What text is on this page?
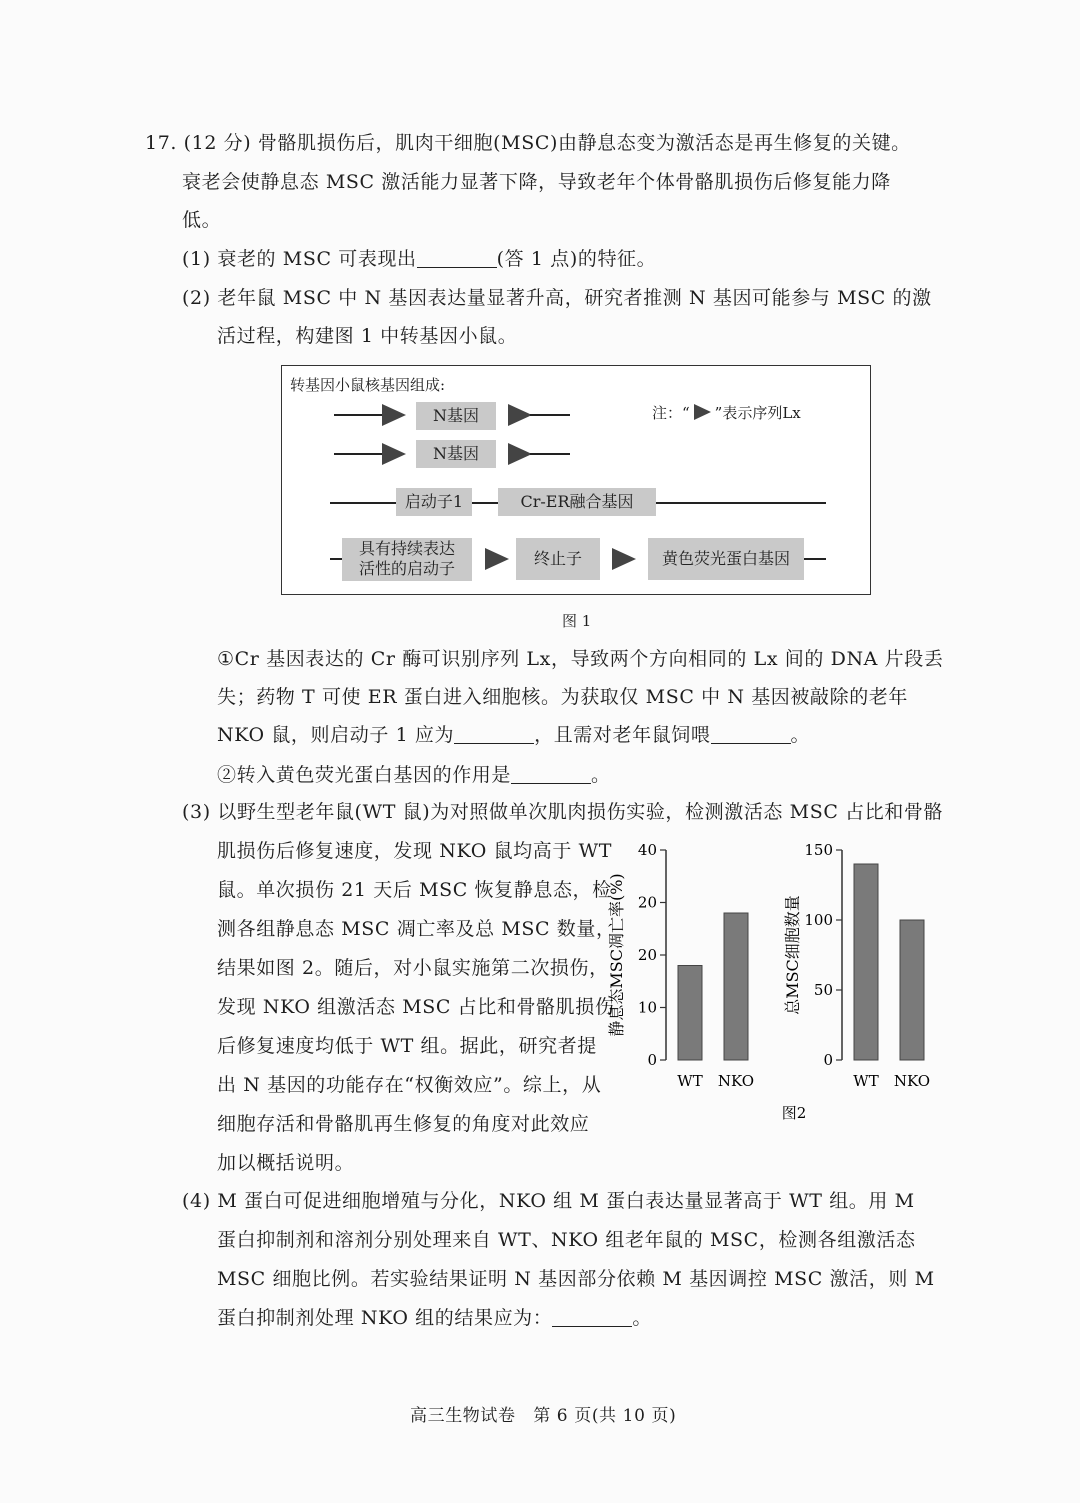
17. (12 分) 骨骼肌损伤后，肌肉干细胞(MSC)由静息态变为激活态是再生修复的关键。
衰老会使静息态 MSC 激活能力显著下降，导致老年个体骨骼肌损伤后修复能力降
低。
(1) 衰老的 MSC 可表现出	(答 1 点)的特征。
(2) 老年鼠 MSC 中 N 基因表达量显著升高，研究者推测 N 基因可能参与 MSC 的激
活过程，构建图 1 中转基因小鼠。
转基因小鼠核基因组成:
N基因	注：“ ”表示序列Lx
N基因
启动子1	Cr-ER融合基因
具有持续表达
活性的启动子
终止子	黄色荧光蛋白基因
图 1
①Cr 基因表达的 Cr 酶可识别序列 Lx，导致两个方向相同的 Lx 间的 DNA 片段丢
失；药物 T 可使 ER 蛋白进入细胞核。为获取仅 MSC 中 N 基因被敲除的老年
NKO 鼠，则启动子 1 应为	，且需对老年鼠饲喂	。
②转入黄色荧光蛋白基因的作用是	。
(3) 以野生型老年鼠(WT 鼠)为对照做单次肌肉损伤实验，检测激活态 MSC 占比和骨骼
肌损伤后修复速度，发现 NKO 鼠均高于 WT
鼠。单次损伤 21 天后 MSC 恢复静息态，检
测各组静息态 MSC 凋亡率及总 MSC 数量，
结果如图 2。随后，对小鼠实施第二次损伤，
发现 NKO 组激活态 MSC 占比和骨骼肌损伤
后修复速度均低于 WT 组。据此，研究者提
出 N 基因的功能存在“权衡效应”。综上，从
细胞存活和骨骼肌再生修复的角度对此效应
加以概括说明。
0
10
20
20
40
静息态MSC凋亡率(%)
WT NKO
0
50
100
150
总MSC细胞数量
WT NKO
图2
(4) M 蛋白可促进细胞增殖与分化，NKO 组 M 蛋白表达量显著高于 WT 组。用 M
蛋白抑制剂和溶剂分别处理来自 WT、NKO 组老年鼠的 MSC，检测各组激活态
MSC 细胞比例。若实验结果证明 N 基因部分依赖 M 基因调控 MSC 激活，则 M
蛋白抑制剂处理 NKO 组的结果应为：	。
高三生物试卷　第 6 页(共 10 页)
